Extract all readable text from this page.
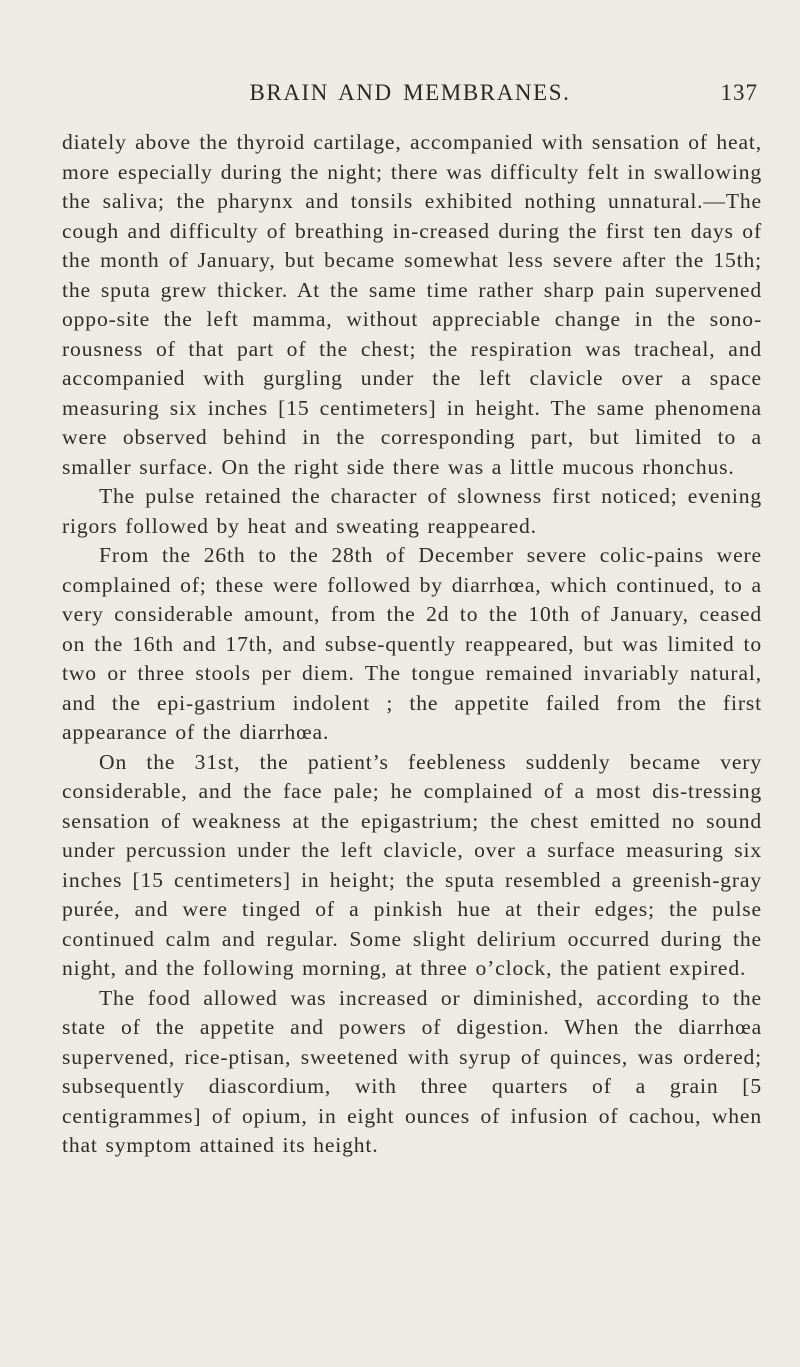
BRAIN AND MEMBRANES.	137

diately above the thyroid cartilage, accompanied with sensation of heat, more especially during the night; there was difficulty felt in swallowing the saliva; the pharynx and tonsils exhibited nothing unnatural.—The cough and difficulty of breathing in-creased during the first ten days of the month of January, but became somewhat less severe after the 15th; the sputa grew thicker. At the same time rather sharp pain supervened oppo-site the left mamma, without appreciable change in the sono-rousness of that part of the chest; the respiration was tracheal, and accompanied with gurgling under the left clavicle over a space measuring six inches [15 centimeters] in height. The same phenomena were observed behind in the corresponding part, but limited to a smaller surface. On the right side there was a little mucous rhonchus.

The pulse retained the character of slowness first noticed; evening rigors followed by heat and sweating reappeared.

From the 26th to the 28th of December severe colic-pains were complained of; these were followed by diarrhœa, which continued, to a very considerable amount, from the 2d to the 10th of January, ceased on the 16th and 17th, and subse-quently reappeared, but was limited to two or three stools per diem. The tongue remained invariably natural, and the epi-gastrium indolent ; the appetite failed from the first appearance of the diarrhœa.

On the 31st, the patient’s feebleness suddenly became very considerable, and the face pale; he complained of a most dis-tressing sensation of weakness at the epigastrium; the chest emitted no sound under percussion under the left clavicle, over a surface measuring six inches [15 centimeters] in height; the sputa resembled a greenish-gray purée, and were tinged of a pinkish hue at their edges; the pulse continued calm and regular. Some slight delirium occurred during the night, and the following morning, at three o’clock, the patient expired.

The food allowed was increased or diminished, according to the state of the appetite and powers of digestion. When the diarrhœa supervened, rice-ptisan, sweetened with syrup of quinces, was ordered; subsequently diascordium, with three quarters of a grain [5 centigrammes] of opium, in eight ounces of infusion of cachou, when that symptom attained its height.
